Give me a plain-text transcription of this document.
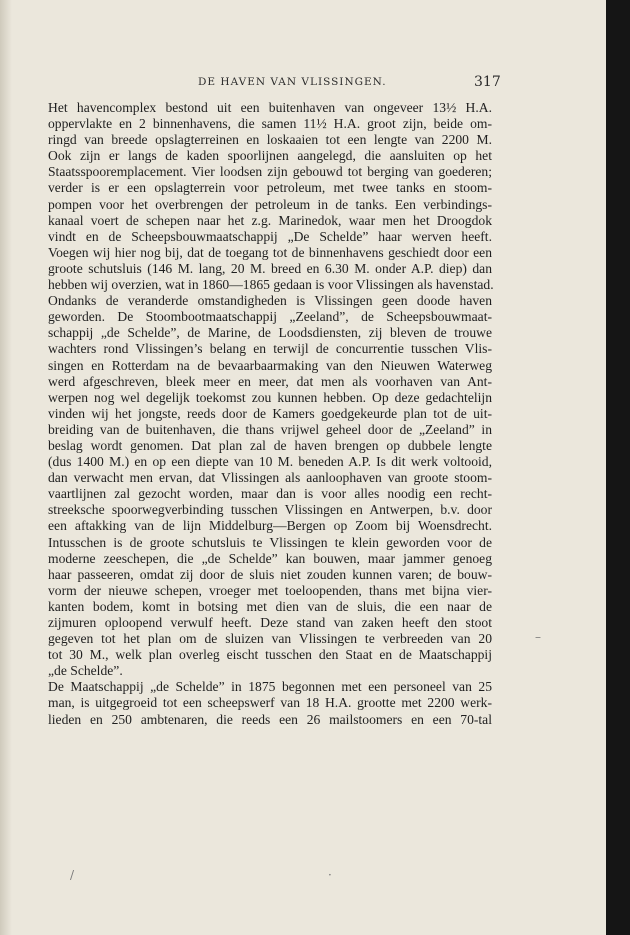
DE HAVEN VAN VLISSINGEN.	317
Het havencomplex bestond uit een buitenhaven van ongeveer 13½ H.A.
oppervlakte en 2 binnenhavens, die samen 11½ H.A. groot zijn, beide om-
ringd van breede opslagterreinen en loskaaien tot een lengte van 2200 M.
Ook zijn er langs de kaden spoorlijnen aangelegd, die aansluiten op het
Staatsspooremplacement. Vier loodsen zijn gebouwd tot berging van goederen;
verder is er een opslagterrein voor petroleum, met twee tanks en stoom-
pompen voor het overbrengen der petroleum in de tanks. Een verbindings-
kanaal voert de schepen naar het z.g. Marinedok, waar men het Droogdok
vindt en de Scheepsbouwmaatschappij „De Schelde” haar werven heeft.
Voegen wij hier nog bij, dat de toegang tot de binnenhavens geschiedt door een
groote schutsluis (146 M. lang, 20 M. breed en 6.30 M. onder A.P. diep) dan
hebben wij overzien, wat in 1860—1865 gedaan is voor Vlissingen als havenstad.
Ondanks de veranderde omstandigheden is Vlissingen geen doode haven
geworden. De Stoombootmaatschappij „Zeeland”, de Scheepsbouwmaat-
schappij „de Schelde”, de Marine, de Loodsdiensten, zij bleven de trouwe
wachters rond Vlissingen’s belang en terwijl de concurrentie tusschen Vlis-
singen en Rotterdam na de bevaarbaarmaking van den Nieuwen Waterweg
werd afgeschreven, bleek meer en meer, dat men als voorhaven van Ant-
werpen nog wel degelijk toekomst zou kunnen hebben. Op deze gedachtelijn
vinden wij het jongste, reeds door de Kamers goedgekeurde plan tot de uit-
breiding van de buitenhaven, die thans vrijwel geheel door de „Zeeland” in
beslag wordt genomen. Dat plan zal de haven brengen op dubbele lengte
(dus 1400 M.) en op een diepte van 10 M. beneden A.P. Is dit werk voltooid,
dan verwacht men ervan, dat Vlissingen als aanloophaven van groote stoom-
vaartlijnen zal gezocht worden, maar dan is voor alles noodig een recht-
streeksche spoorwegverbinding tusschen Vlissingen en Antwerpen, b.v. door
een aftakking van de lijn Middelburg—Bergen op Zoom bij Woensdrecht.
Intusschen is de groote schutsluis te Vlissingen te klein geworden voor de
moderne zeeschepen, die „de Schelde” kan bouwen, maar jammer genoeg
haar passeeren, omdat zij door de sluis niet zouden kunnen varen; de bouw-
vorm der nieuwe schepen, vroeger met toeloopenden, thans met bijna vier-
kanten bodem, komt in botsing met dien van de sluis, die een naar de
zijmuren oploopend verwulf heeft. Deze stand van zaken heeft den stoot
gegeven tot het plan om de sluizen van Vlissingen te verbreeden van 20
tot 30 M., welk plan overleg eischt tusschen den Staat en de Maatschappij
„de Schelde”.
De Maatschappij „de Schelde” in 1875 begonnen met een personeel van 25
man, is uitgegroeid tot een scheepswerf van 18 H.A. grootte met 2200 werk-
lieden en 250 ambtenaren, die reeds een 26 mailstoomers en een 70-tal
/	·
–
